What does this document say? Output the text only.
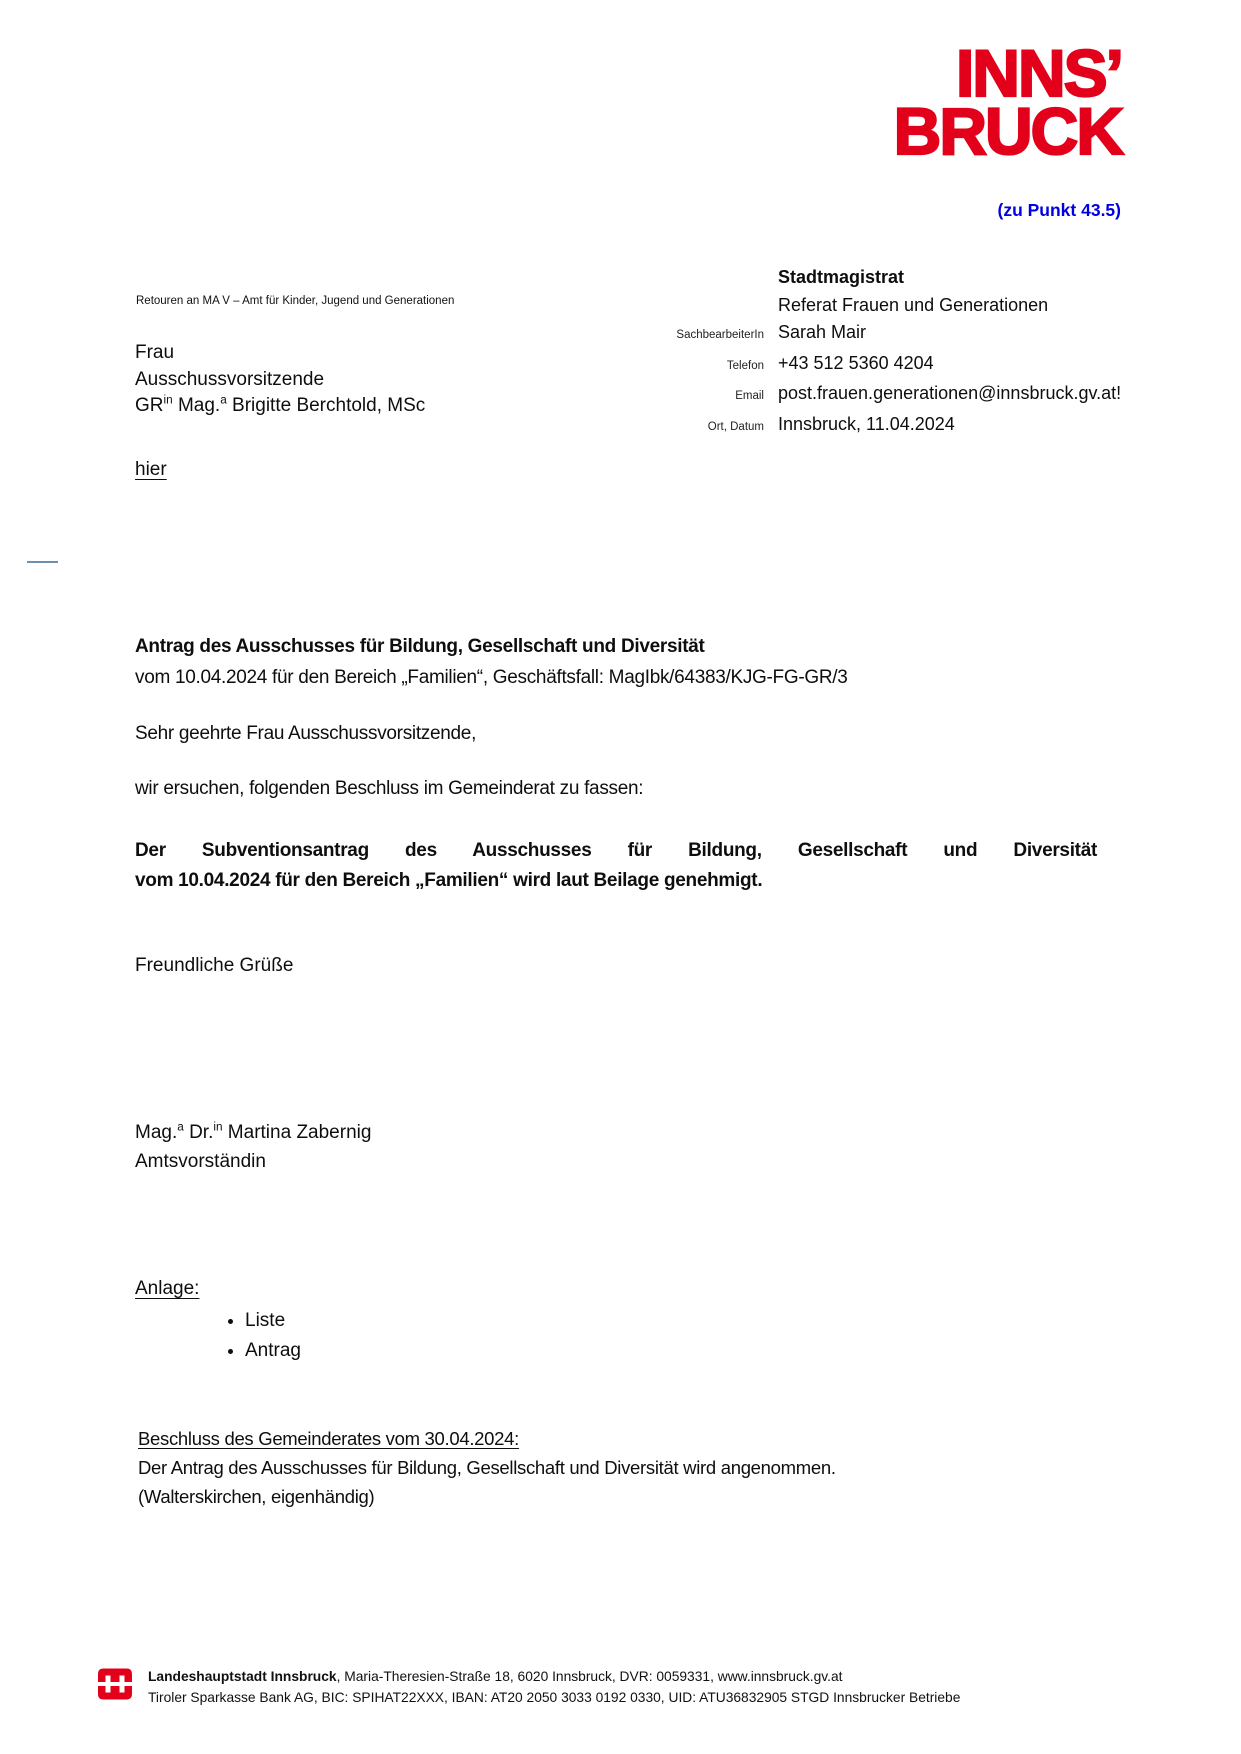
INNS’
BRUCK
(zu Punkt 43.5)
Stadtmagistrat
Referat Frauen und Generationen
SachbearbeiterIn Sarah Mair
Telefon +43 512 5360 4204
Email post.frauen.generationen@innsbruck.gv.at!
Ort, Datum Innsbruck, 11.04.2024
Retouren an MA V – Amt für Kinder, Jugend und Generationen
Frau
Ausschussvorsitzende
$GR^{in}$ Mag.$^a$ Brigitte Berchtold, MSc
hier
Antrag des Ausschusses für Bildung, Gesellschaft und Diversität
vom 10.04.2024 für den Bereich „Familien“, Geschäftsfall: MagIbk/64383/KJG-FG-GR/3
Sehr geehrte Frau Ausschussvorsitzende,
wir ersuchen, folgenden Beschluss im Gemeinderat zu fassen:
Der Subventionsantrag des Ausschusses für Bildung, Gesellschaft und Diversität
vom 10.04.2024 für den Bereich „Familien“ wird laut Beilage genehmigt.
Freundliche Grüße
Mag.$^a$ Dr.$^{in}$ Martina Zabernig
Amtsvorständin
Anlage:
• Liste
• Antrag
Beschluss des Gemeinderates vom 30.04.2024:
Der Antrag des Ausschusses für Bildung, Gesellschaft und Diversität wird angenommen.
(Walterskirchen, eigenhändig)
Landeshauptstadt Innsbruck, Maria-Theresien-Straße 18, 6020 Innsbruck, DVR: 0059331, www.innsbruck.gv.at
Tiroler Sparkasse Bank AG, BIC: SPIHAT22XXX, IBAN: AT20 2050 3033 0192 0330, UID: ATU36832905 STGD Innsbrucker Betriebe
